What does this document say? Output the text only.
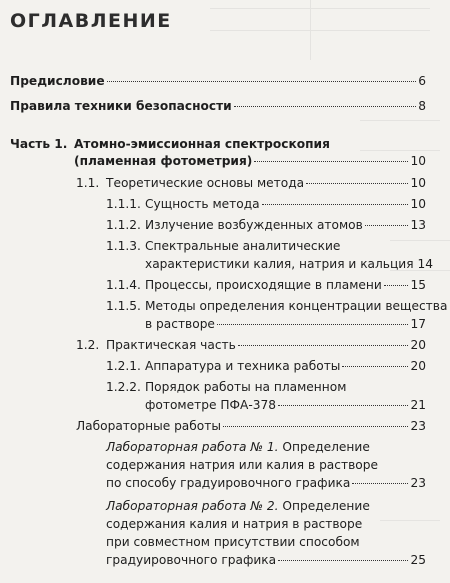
ОГЛАВЛЕНИЕ
Предисловие	6
Правила техники безопасности	8
Часть 1. Атомно-эмиссионная спектроскопия
(пламенная фотометрия)	10
1.1. Теоретические основы метода	10
1.1.1. Сущность метода	10
1.1.2. Излучение возбужденных атомов	13
1.1.3. Спектральные аналитические
характеристики калия, натрия и кальция 14
1.1.4. Процессы, происходящие в пламени 15
1.1.5. Методы определения концентрации вещества
в растворе	17
1.2. Практическая часть	20
1.2.1. Аппаратура и техника работы	20
1.2.2. Порядок работы на пламенном
фотометре ПФА-378	21
Лабораторные работы	23
Лабораторная работа № 1. Определение
содержания натрия или калия в растворе
по способу градуировочного графика	23
Лабораторная работа № 2. Определение
содержания калия и натрия в растворе
при совместном присутствии способом
градуировочного графика	25
